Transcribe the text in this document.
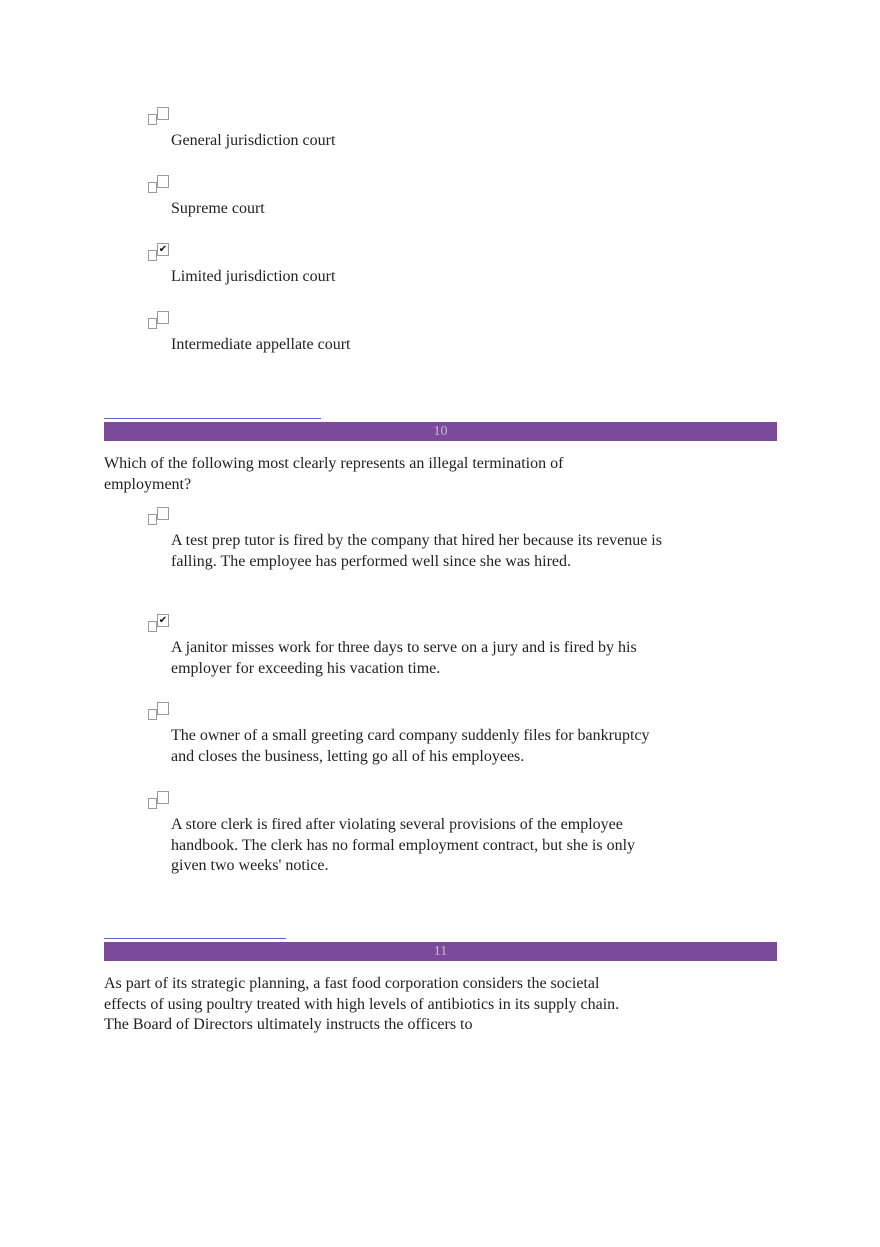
General jurisdiction court
Supreme court
✔
Limited jurisdiction court
Intermediate appellate court
10
Which of the following most clearly represents an illegal termination of employment?
A test prep tutor is fired by the company that hired her because its revenue is falling. The employee has performed well since she was hired.
✔
A janitor misses work for three days to serve on a jury and is fired by his employer for exceeding his vacation time.
The owner of a small greeting card company suddenly files for bankruptcy and closes the business, letting go all of his employees.
A store clerk is fired after violating several provisions of the employee handbook. The clerk has no formal employment contract, but she is only given two weeks' notice.
11
As part of its strategic planning, a fast food corporation considers the societal effects of using poultry treated with high levels of antibiotics in its supply chain. The Board of Directors ultimately instructs the officers to
